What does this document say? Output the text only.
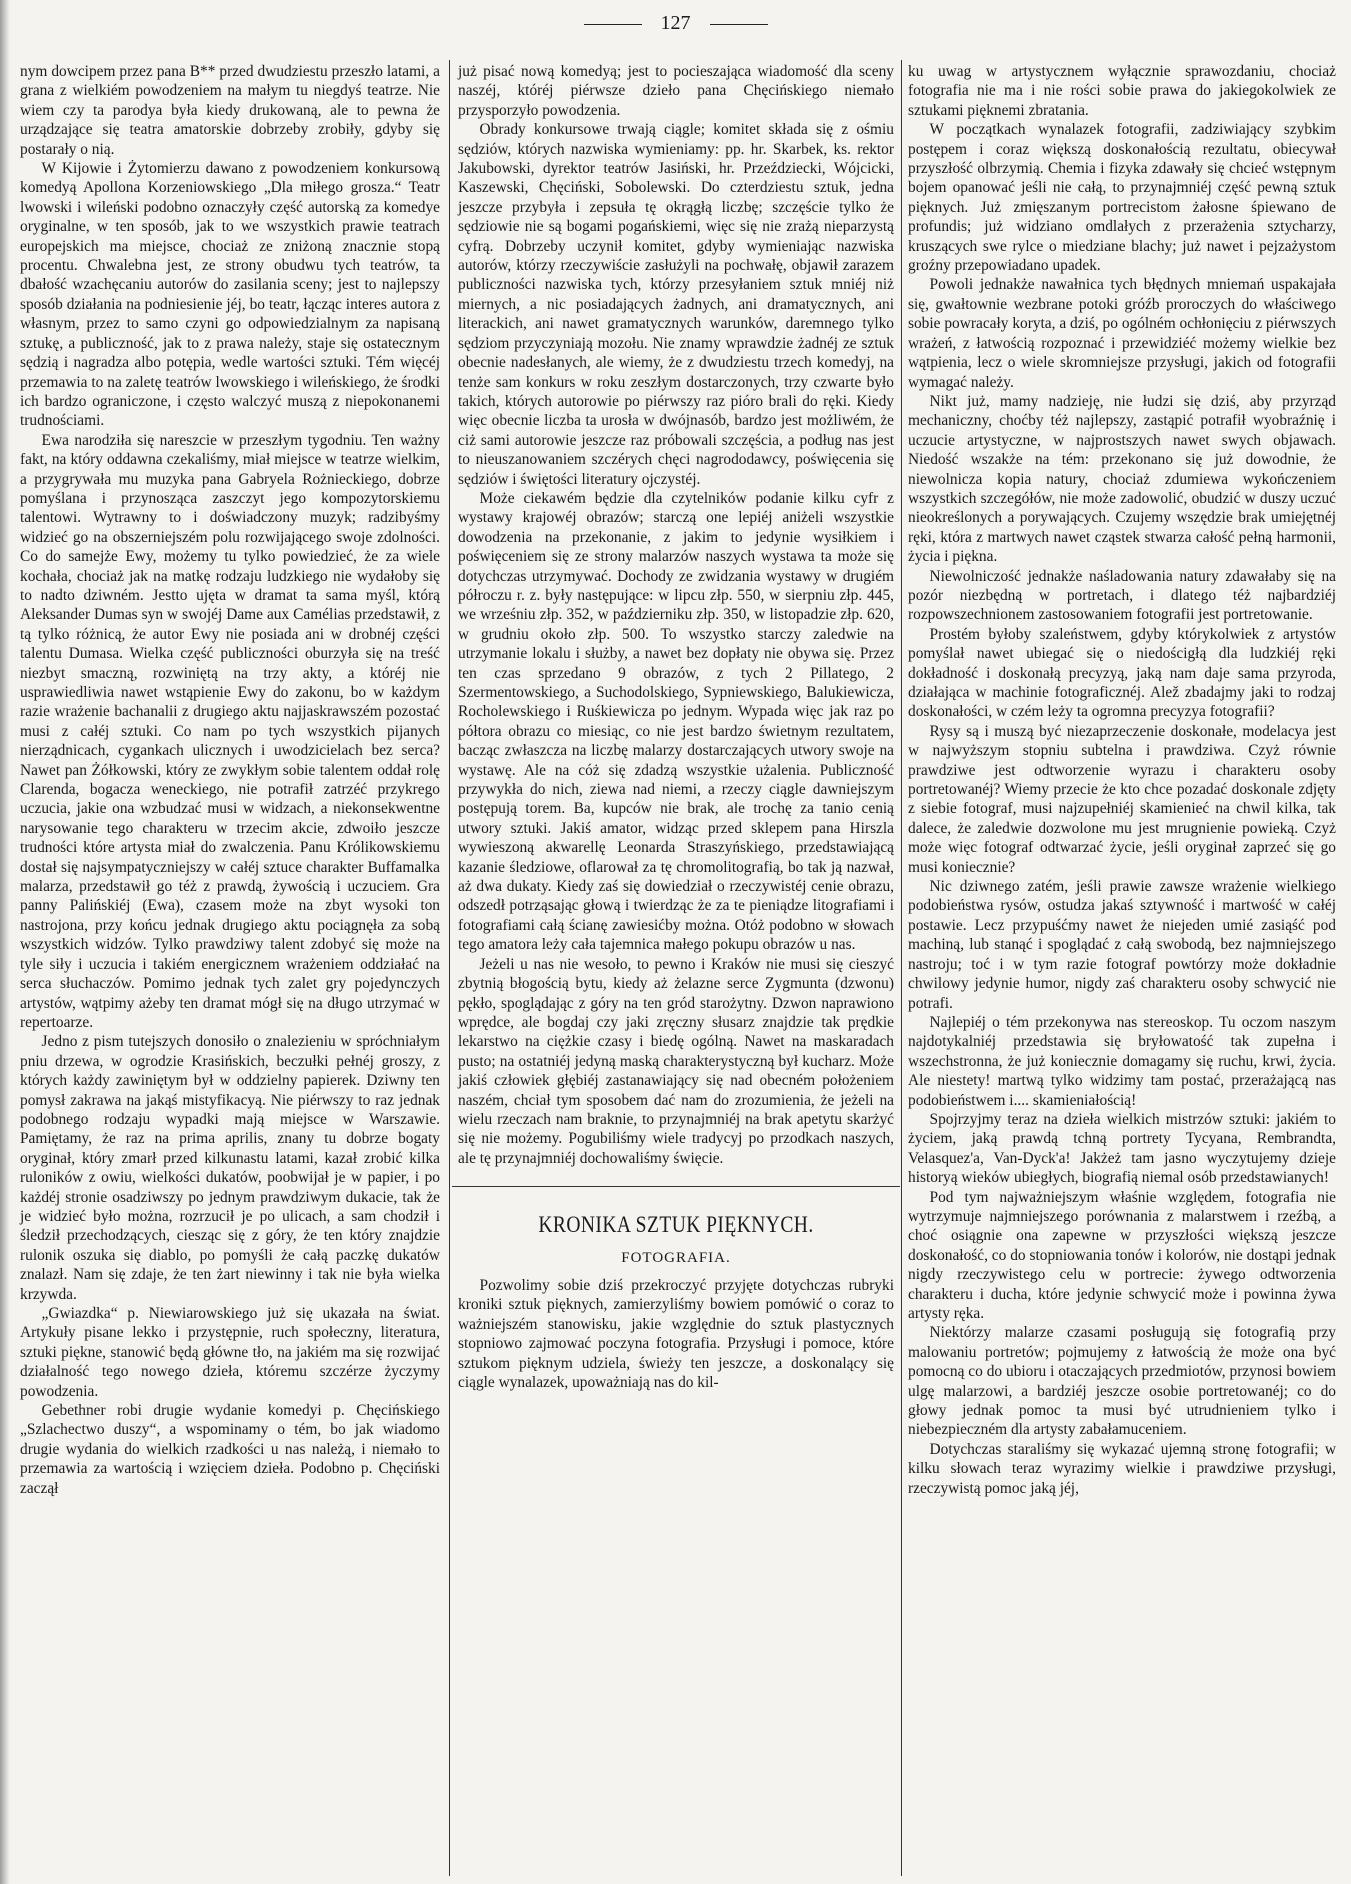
127

nym dowcipem przez pana B** przed dwudziestu przeszło latami, a grana z wielkiém powodzeniem na małym tu niegdyś teatrze. Nie wiem czy ta parodya była kiedy drukowaną, ale to pewna że urządzające się teatra amatorskie dobrzeby zrobiły, gdyby się postarały o nią.

W Kijowie i Żytomierzu dawano z powodzeniem konkursową komedyą Apollona Korzeniowskiego „Dla miłego grosza.“ Teatr lwowski i wileński podobno oznaczyły część autorską za komedye oryginalne, w ten sposób, jak to we wszystkich prawie teatrach europejskich ma miejsce, chociaż ze zniżoną znacznie stopą procentu. Chwalebna jest, ze strony obudwu tych teatrów, ta dbałość wzachęcaniu autorów do zasilania sceny; jest to najlepszy sposób działania na podniesienie jéj, bo teatr, łącząc interes autora z własnym, przez to samo czyni go odpowiedzialnym za napisaną sztukę, a publiczność, jak to z prawa należy, staje się ostatecznym sędzią i nagradza albo potępia, wedle wartości sztuki. Tém więcéj przemawia to na zaletę teatrów lwowskiego i wileńskiego, że środki ich bardzo ograniczone, i często walczyć muszą z niepokonanemi trudnościami.

Ewa narodziła się nareszcie w przeszłym tygodniu. Ten ważny fakt, na który oddawna czekaliśmy, miał miejsce w teatrze wielkim, a przygrywała mu muzyka pana Gabryela Rożnieckiego, dobrze pomyślana i przynosząca zaszczyt jego kompozytorskiemu talentowi. Wytrawny to i doświadczony muzyk; radzibyśmy widzieć go na obszerniejszém polu rozwijającego swoje zdolności. Co do samejże Ewy, możemy tu tylko powiedzieć, że za wiele kochała, chociaż jak na matkę rodzaju ludzkiego nie wydałoby się to nadto dziwném. Jestto ujęta w dramat ta sama myśl, którą Aleksander Dumas syn w swojéj Dame aux Camélias przedstawił, z tą tylko różnicą, że autor Ewy nie posiada ani w drobnéj części talentu Dumasa. Wielka część publiczności oburzyła się na treść niezbyt smaczną, rozwiniętą na trzy akty, a któréj nie usprawiedliwia nawet wstąpienie Ewy do zakonu, bo w każdym razie wrażenie bachanalii z drugiego aktu najjaskrawszém pozostać musi z całéj sztuki. Co nam po tych wszystkich pijanych nierządnicach, cygankach ulicznych i uwodzicielach bez serca? Nawet pan Żółkowski, który ze zwykłym sobie talentem oddał rolę Clarenda, bogacza weneckiego, nie potrafił zatrzéć przykrego uczucia, jakie ona wzbudzać musi w widzach, a niekonsekwentne narysowanie tego charakteru w trzecim akcie, zdwoiło jeszcze trudności które artysta miał do zwalczenia. Panu Królikowskiemu dostał się najsympatyczniejszy w całéj sztuce charakter Buffamalka malarza, przedstawił go téż z prawdą, żywością i uczuciem. Gra panny Palińskiéj (Ewa), czasem może na zbyt wysoki ton nastrojona, przy końcu jednak drugiego aktu pociągnęła za sobą wszystkich widzów. Tylko prawdziwy talent zdobyć się może na tyle siły i uczucia i takiém energicznem wrażeniem oddziałać na serca słuchaczów. Pomimo jednak tych zalet gry pojedynczych artystów, wątpimy ażeby ten dramat mógł się na długo utrzymać w repertoarze.

Jedno z pism tutejszych donosiło o znalezieniu w spróchniałym pniu drzewa, w ogrodzie Krasińskich, beczułki pełnéj groszy, z których każdy zawiniętym był w oddzielny papierek. Dziwny ten pomysł zakrawa na jakąś mistyfikacyą. Nie piérwszy to raz jednak podobnego rodzaju wypadki mają miejsce w Warszawie. Pamiętamy, że raz na prima aprilis, znany tu dobrze bogaty oryginał, który zmarł przed kilkunastu latami, kazał zrobić kilka ruloników z owiu, wielkości dukatów, poobwijał je w papier, i po każdéj stronie osadziwszy po jednym prawdziwym dukacie, tak że je widzieć było można, rozrzucił je po ulicach, a sam chodził i śledził przechodzących, ciesząc się z góry, że ten który znajdzie rulonik oszuka się diablo, po pomyśli że całą paczkę dukatów znalazł. Nam się zdaje, że ten żart niewinny i tak nie była wielka krzywda.

„Gwiazdka“ p. Niewiarowskiego już się ukazała na świat. Artykuły pisane lekko i przystępnie, ruch społeczny, literatura, sztuki piękne, stanowić będą główne tło, na jakiém ma się rozwijać działalność tego nowego dzieła, któremu szczérze życzymy powodzenia.

Gebethner robi drugie wydanie komedyi p. Chęcińskiego „Szlachectwo duszy“, a wspominamy o tém, bo jak wiadomo drugie wydania do wielkich rzadkości u nas należą, i niemało to przemawia za wartością i wzięciem dzieła. Podobno p. Chęciński zaczął

już pisać nową komedyą; jest to pocieszająca wiadomość dla sceny naszéj, któréj piérwsze dzieło pana Chęcińskiego niemało przysporzyło powodzenia.

Obrady konkursowe trwają ciągle; komitet składa się z ośmiu sędziów, których nazwiska wymieniamy: pp. hr. Skarbek, ks. rektor Jakubowski, dyrektor teatrów Jasiński, hr. Przeździecki, Wójcicki, Kaszewski, Chęciński, Sobolewski. Do czterdziestu sztuk, jedna jeszcze przybyła i zepsuła tę okrągłą liczbę; szczęście tylko że sędziowie nie są bogami pogańskiemi, więc się nie zrażą nieparzystą cyfrą. Dobrzeby uczynił komitet, gdyby wymieniając nazwiska autorów, którzy rzeczywiście zasłużyli na pochwałę, objawił zarazem publiczności nazwiska tych, którzy przesyłaniem sztuk mniéj niż miernych, a nic posiadających żadnych, ani dramatycznych, ani literackich, ani nawet gramatycznych warunków, daremnego tylko sędziom przyczyniają mozołu. Nie znamy wprawdzie żadnéj ze sztuk obecnie nadesłanych, ale wiemy, że z dwudziestu trzech komedyj, na tenże sam konkurs w roku zeszłym dostarczonych, trzy czwarte było takich, których autorowie po piérwszy raz pióro brali do ręki. Kiedy więc obecnie liczba ta urosła w dwójnasób, bardzo jest możliwém, że ciż sami autorowie jeszcze raz próbowali szczęścia, a podług nas jest to nieuszanowaniem szczérych chęci nagrododawcy, poświęcenia się sędziów i świętości literatury ojczystéj.

Może ciekawém będzie dla czytelników podanie kilku cyfr z wystawy krajowéj obrazów; starczą one lepiéj aniżeli wszystkie dowodzenia na przekonanie, z jakim to jedynie wysiłkiem i poświęceniem się ze strony malarzów naszych wystawa ta może się dotychczas utrzymywać. Dochody ze zwidzania wystawy w drugiém półroczu r. z. były następujące: w lipcu złp. 550, w sierpniu złp. 445, we wrześniu złp. 352, w październiku złp. 350, w listopadzie złp. 620, w grudniu około złp. 500. To wszystko starczy zaledwie na utrzymanie lokalu i służby, a nawet bez dopłaty nie obywa się. Przez ten czas sprzedano 9 obrazów, z tych 2 Pillatego, 2 Szermentowskiego, a Suchodolskiego, Sypniewskiego, Balukiewicza, Rocholewskiego i Ruśkiewicza po jednym. Wypada więc jak raz po półtora obrazu co miesiąc, co nie jest bardzo świetnym rezultatem, bacząc zwłaszcza na liczbę malarzy dostarczających utwory swoje na wystawę. Ale na cóż się zdadzą wszystkie użalenia. Publiczność przywykła do nich, ziewa nad niemi, a rzeczy ciągle dawniejszym postępują torem. Ba, kupców nie brak, ale trochę za tanio cenią utwory sztuki. Jakiś amator, widząc przed sklepem pana Hirszla wywieszoną akwarellę Leonarda Straszyńskiego, przedstawiającą kazanie śledziowe, oflarował za tę chromolitografią, bo tak ją nazwał, aż dwa dukaty. Kiedy zaś się dowiedział o rzeczywistéj cenie obrazu, odszedł potrząsając głową i twierdząc że za te pieniądze litografiami i fotografiami całą ścianę zawiesićby można. Otóż podobno w słowach tego amatora leży cała tajemnica małego pokupu obrazów u nas.

Jeżeli u nas nie wesoło, to pewno i Kraków nie musi się cieszyć zbytnią błogością bytu, kiedy aż żelazne serce Zygmunta (dzwonu) pękło, spoglądając z góry na ten gród starożytny. Dzwon naprawiono wprędce, ale bogdaj czy jaki zręczny słusarz znajdzie tak prędkie lekarstwo na ciężkie czasy i biedę ogólną. Nawet na maskaradach pusto; na ostatniéj jedyną maską charakterystyczną był kucharz. Może jakiś człowiek głębiéj zastanawiający się nad obecném położeniem naszém, chciał tym sposobem dać nam do zrozumienia, że jeżeli na wielu rzeczach nam braknie, to przynajmniéj na brak apetytu skarżyć się nie możemy. Pogubiliśmy wiele tradycyj po przodkach naszych, ale tę przynajmniéj dochowaliśmy święcie.

KRONIKA SZTUK PIĘKNYCH.
FOTOGRAFIA.

Pozwolimy sobie dziś przekroczyć przyjęte dotychczas rubryki kroniki sztuk pięknych, zamierzyliśmy bowiem pomówić o coraz to ważniejszém stanowisku, jakie względnie do sztuk plastycznych stopniowo zajmować poczyna fotografia. Przysługi i pomoce, które sztukom pięknym udziela, świeży ten jeszcze, a doskonalący się ciągle wynalazek, upoważniają nas do kil-

ku uwag w artystycznem wyłącznie sprawozdaniu, chociaż fotografia nie ma i nie rości sobie prawa do jakiegokolwiek ze sztukami pięknemi zbratania.

W początkach wynalazek fotografii, zadziwiający szybkim postępem i coraz większą doskonałością rezultatu, obiecywał przyszłość olbrzymią. Chemia i fizyka zdawały się chcieć wstępnym bojem opanować jeśli nie całą, to przynajmniéj część pewną sztuk pięknych. Już zmięszanym portrecistom żałosne śpiewano de profundis; już widziano omdlałych z przerażenia sztycharzy, kruszących swe rylce o miedziane blachy; już nawet i pejzażystom groźny przepowiadano upadek.

Powoli jednakże nawałnica tych błędnych mniemań uspakajała się, gwałtownie wezbrane potoki gróźb proroczych do właściwego sobie powracały koryta, a dziś, po ogólném ochłonięciu z piérwszych wrażeń, z łatwością rozpoznać i przewidziéć możemy wielkie bez wątpienia, lecz o wiele skromniejsze przysługi, jakich od fotografii wymagać należy.

Nikt już, mamy nadzieję, nie łudzi się dziś, aby przyrząd mechaniczny, choćby téż najlepszy, zastąpić potrafił wyobraźnię i uczucie artystyczne, w najprostszych nawet swych objawach. Niedość wszakże na tém: przekonano się już dowodnie, że niewolnicza kopia natury, chociaż zdumiewa wykończeniem wszystkich szczegółów, nie może zadowolić, obudzić w duszy uczuć nieokreślonych a porywających. Czujemy wszędzie brak umiejętnéj ręki, która z martwych nawet cząstek stwarza całość pełną harmonii, życia i piękna.

Niewolniczość jednakże naśladowania natury zdawałaby się na pozór niezbędną w portretach, i dlatego téż najbardziéj rozpowszechnionem zastosowaniem fotografii jest portretowanie.

Prostém byłoby szaleństwem, gdyby którykolwiek z artystów pomyślał nawet ubiegać się o niedościgłą dla ludzkiéj ręki dokładność i doskonałą precyzyą, jaką nam daje sama przyroda, działająca w machinie fotograficznéj. Alež zbadajmy jaki to rodzaj doskonałości, w czém leży ta ogromna precyzya fotografii?

Rysy są i muszą być niezaprzeczenie doskonałe, modelacya jest w najwyższym stopniu subtelna i prawdziwa. Czyż równie prawdziwe jest odtworzenie wyrazu i charakteru osoby portretowanéj? Wiemy przecie że kto chce pozadać doskonale zdjęty z siebie fotograf, musi najzupełniéj skamienieć na chwil kilka, tak dalece, że zaledwie dozwolone mu jest mrugnienie powieką. Czyż może więc fotograf odtwarzać życie, jeśli oryginał zaprzeć się go musi koniecznie?

Nic dziwnego zatém, jeśli prawie zawsze wrażenie wielkiego podobieństwa rysów, ostudza jakaś sztywność i martwość w całéj postawie. Lecz przypuśćmy nawet że niejeden umié zasiąść pod machiną, lub stanąć i spoglądać z całą swobodą, bez najmniejszego nastroju; toć i w tym razie fotograf powtórzy może dokładnie chwilowy jedynie humor, nigdy zaś charakteru osoby schwycić nie potrafi.

Najlepiéj o tém przekonywa nas stereoskop. Tu oczom naszym najdotykalniéj przedstawia się bryłowatość tak zupełna i wszechstronna, że już koniecznie domagamy się ruchu, krwi, życia. Ale niestety! martwą tylko widzimy tam postać, przerażającą nas podobieństwem i.... skamieniałością!

Spojrzyjmy teraz na dzieła wielkich mistrzów sztuki: jakiém to życiem, jaką prawdą tchną portrety Tycyana, Rembrandta, Velasquez'a, Van-Dyck'a! Jakżeż tam jasno wyczytujemy dzieje historyą wieków ubiegłych, biografią niemal osób przedstawianych!

Pod tym najważniejszym właśnie względem, fotografia nie wytrzymuje najmniejszego porównania z malarstwem i rzeźbą, a choć osiągnie ona zapewne w przyszłości większą jeszcze doskonałość, co do stopniowania tonów i kolorów, nie dostąpi jednak nigdy rzeczywistego celu w portrecie: żywego odtworzenia charakteru i ducha, które jedynie schwycić może i powinna żywa artysty ręka.

Niektórzy malarze czasami posługują się fotografią przy malowaniu portretów; pojmujemy z łatwością że może ona być pomocną co do ubioru i otaczających przedmiotów, przynosi bowiem ulgę malarzowi, a bardziéj jeszcze osobie portretowanéj; co do głowy jednak pomoc ta musi być utrudnieniem tylko i niebezpieczném dla artysty zabałamuceniem.

Dotychczas staraliśmy się wykazać ujemną stronę fotografii; w kilku słowach teraz wyrazimy wielkie i prawdziwe przysługi, rzeczywistą pomoc jaką jéj,
